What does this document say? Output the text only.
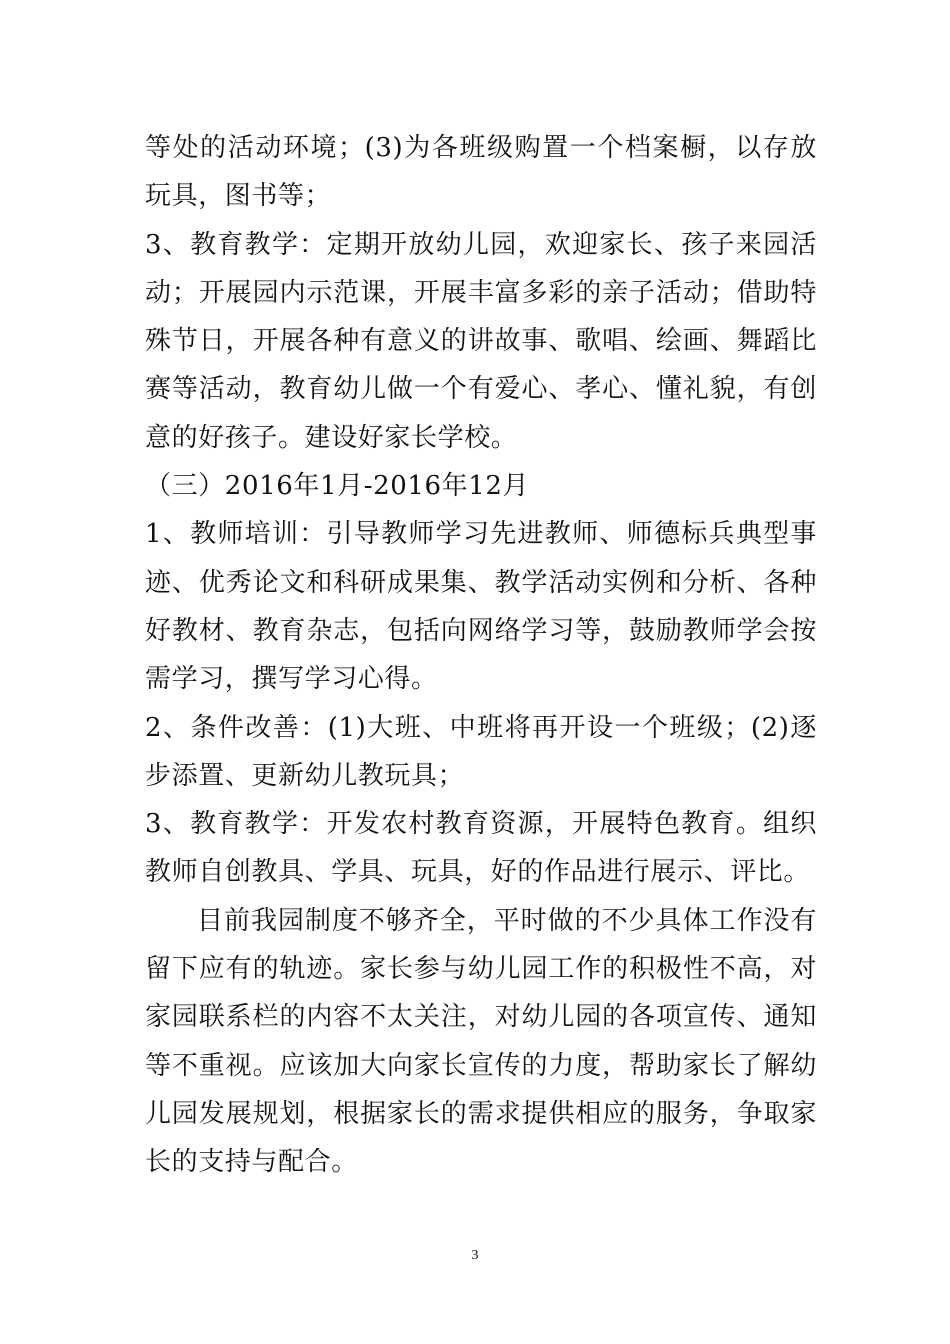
等处的活动环境；(3)为各班级购置一个档案橱，以存放玩具，图书等；

3、教育教学：定期开放幼儿园，欢迎家长、孩子来园活动；开展园内示范课，开展丰富多彩的亲子活动；借助特殊节日，开展各种有意义的讲故事、歌唱、绘画、舞蹈比赛等活动，教育幼儿做一个有爱心、孝心、懂礼貌，有创意的好孩子。建设好家长学校。

（三）2016年1月-2016年12月

1、教师培训：引导教师学习先进教师、师德标兵典型事迹、优秀论文和科研成果集、教学活动实例和分析、各种好教材、教育杂志，包括向网络学习等，鼓励教师学会按需学习，撰写学习心得。

2、条件改善：(1)大班、中班将再开设一个班级；(2)逐步添置、更新幼儿教玩具；

3、教育教学：开发农村教育资源，开展特色教育。组织教师自创教具、学具、玩具，好的作品进行展示、评比。

目前我园制度不够齐全，平时做的不少具体工作没有留下应有的轨迹。家长参与幼儿园工作的积极性不高，对家园联系栏的内容不太关注，对幼儿园的各项宣传、通知等不重视。应该加大向家长宣传的力度，帮助家长了解幼儿园发展规划，根据家长的需求提供相应的服务，争取家长的支持与配合。

3
